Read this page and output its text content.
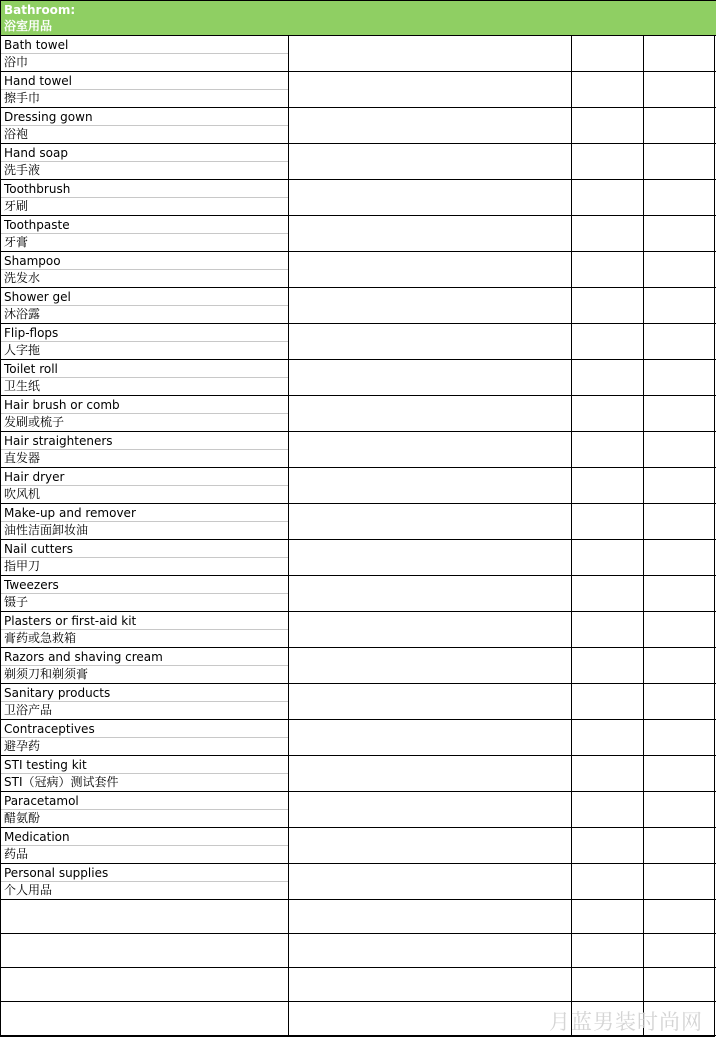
Bathroom:
浴室用品
Bath towel
浴巾
Hand towel
擦手巾
Dressing gown
浴袍
Hand soap
洗手液
Toothbrush
牙刷
Toothpaste
牙膏
Shampoo
洗发水
Shower gel
沐浴露
Flip-flops
人字拖
Toilet roll
卫生纸
Hair brush or comb
发刷或梳子
Hair straighteners
直发器
Hair dryer
吹风机
Make-up and remover
油性洁面卸妆油
Nail cutters
指甲刀
Tweezers
镊子
Plasters or first-aid kit
膏药或急救箱
Razors and shaving cream
剃须刀和剃须膏
Sanitary products
卫浴产品
Contraceptives
避孕药
STI testing kit
STI（冠病）测试套件
Paracetamol
醋氨酚
Medication
药品
Personal supplies
个人用品
月蓝男装时尚网
